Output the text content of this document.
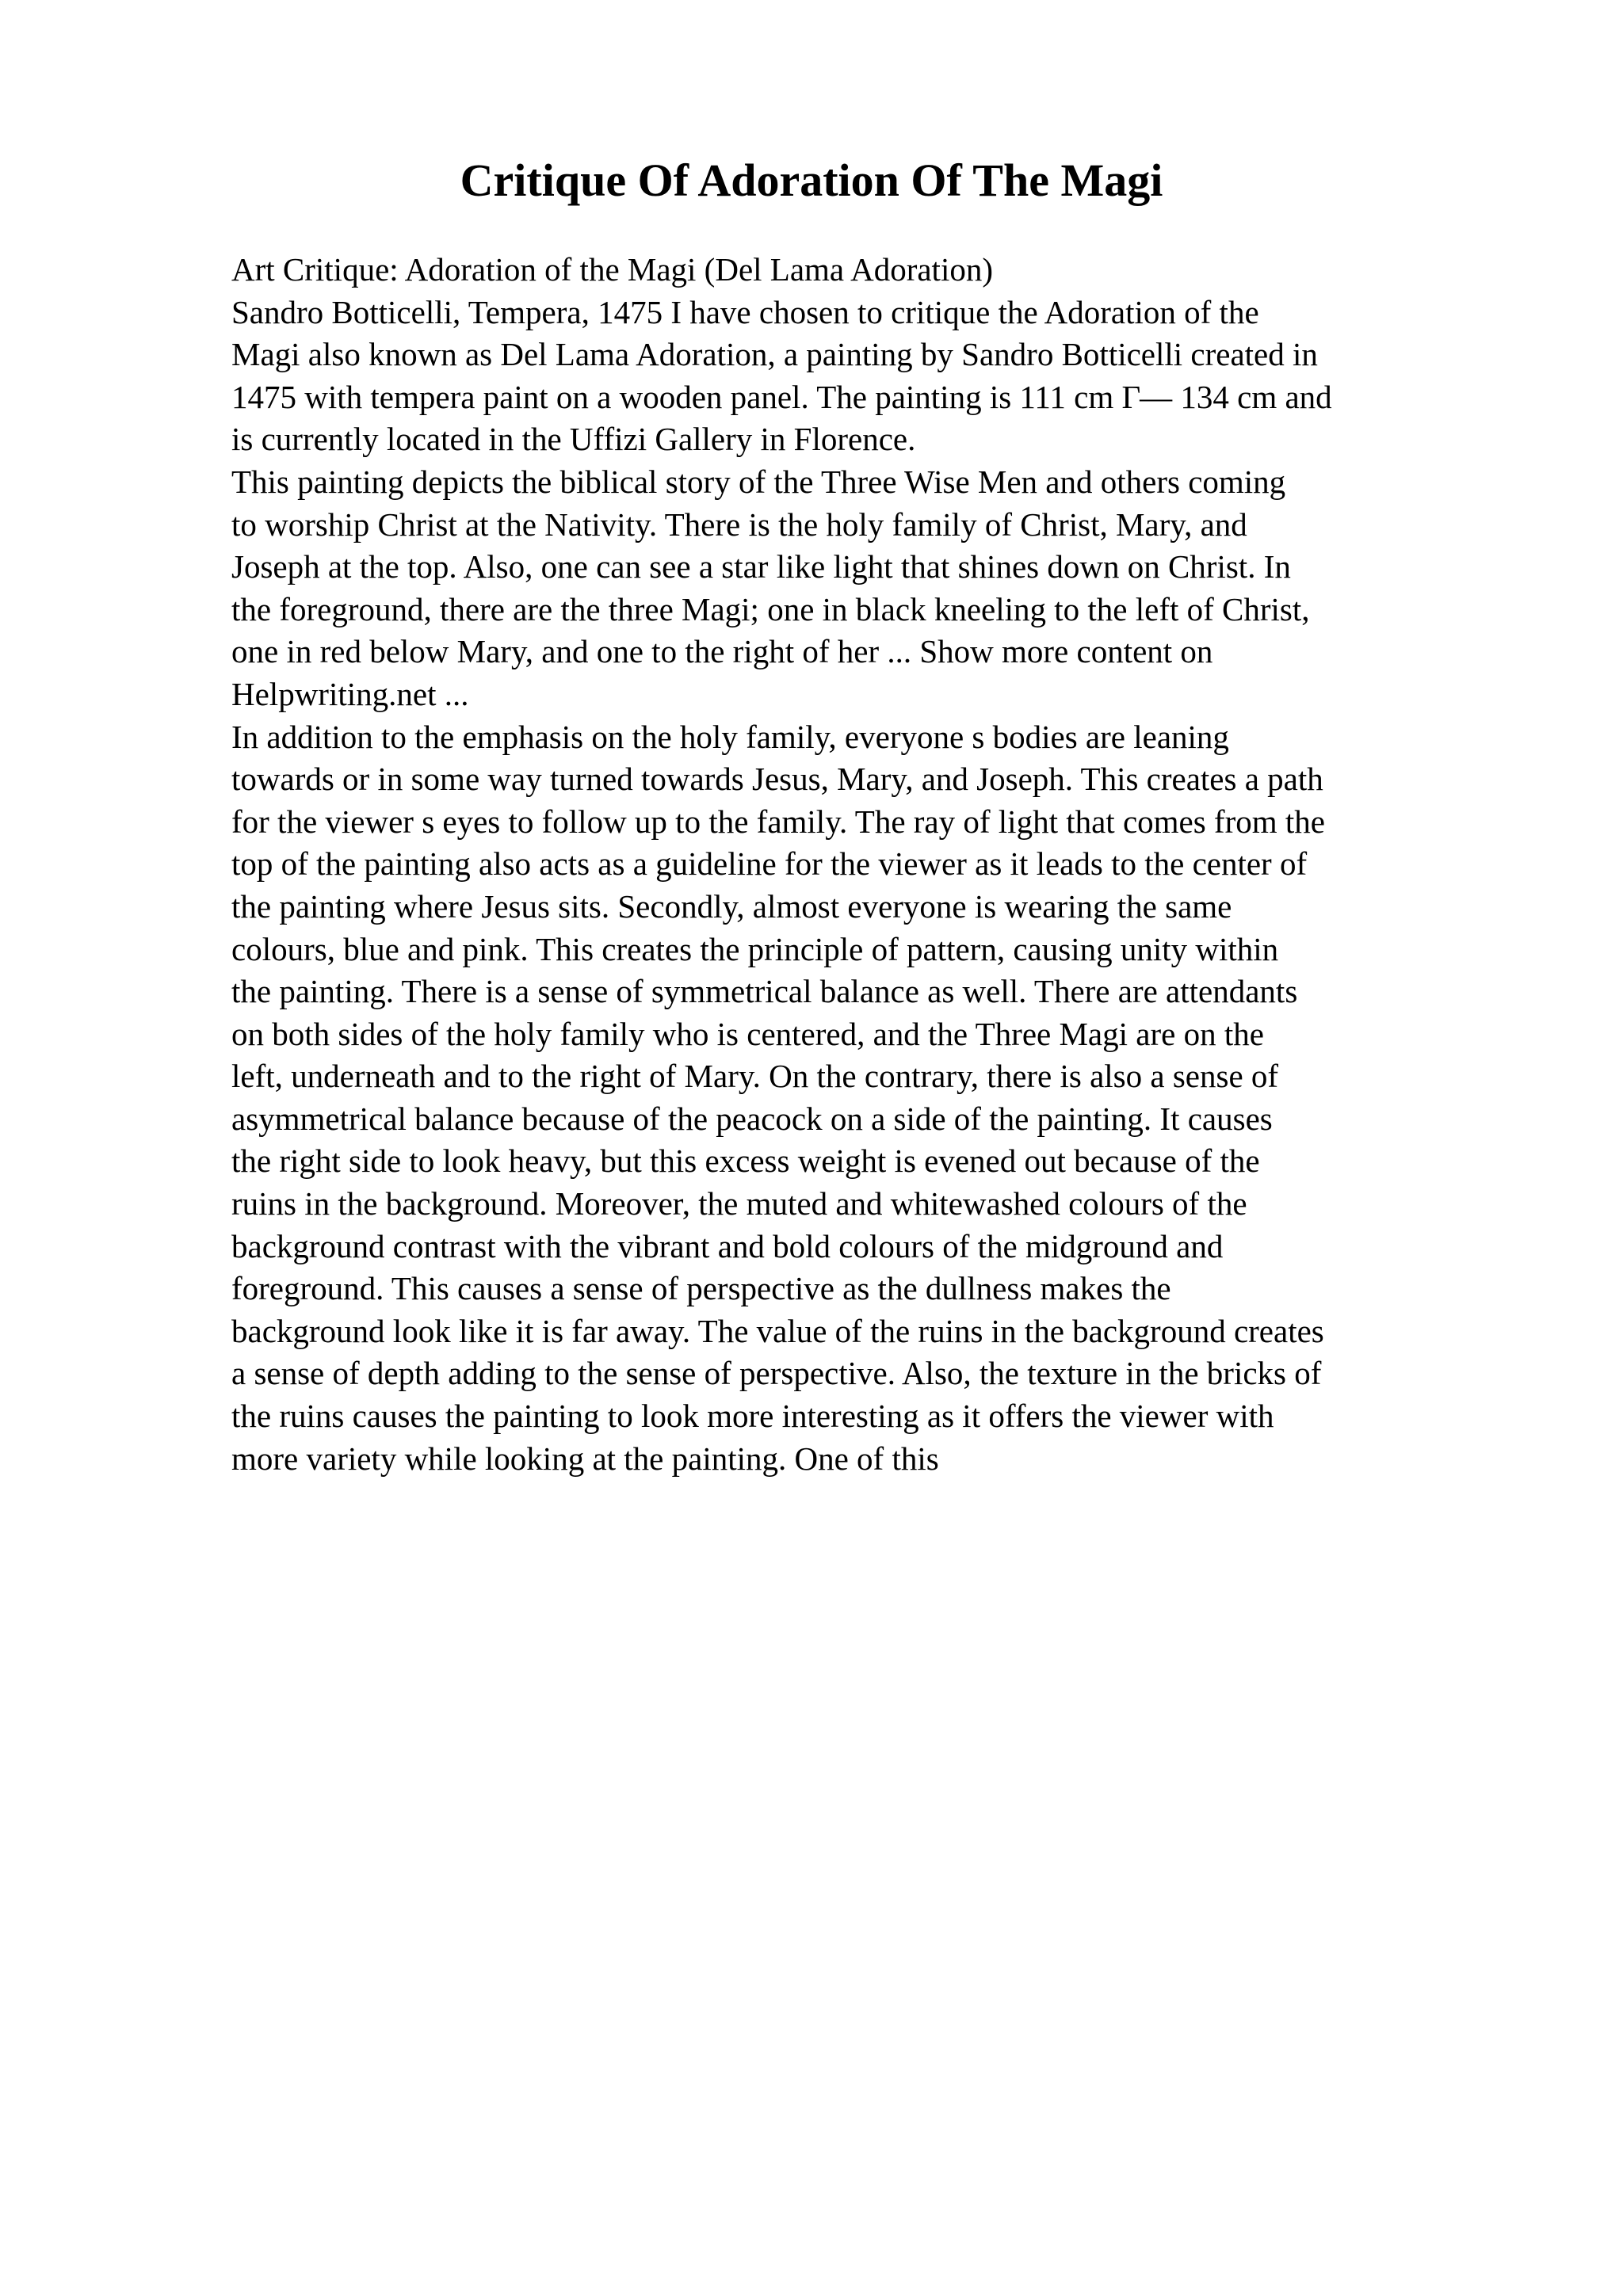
Critique Of Adoration Of The Magi
Art Critique: Adoration of the Magi (Del Lama Adoration)
Sandro Botticelli, Tempera, 1475 I have chosen to critique the Adoration of the
Magi also known as Del Lama Adoration, a painting by Sandro Botticelli created in
1475 with tempera paint on a wooden panel. The painting is 111 cm Г— 134 cm and
is currently located in the Uffizi Gallery in Florence.
This painting depicts the biblical story of the Three Wise Men and others coming
to worship Christ at the Nativity. There is the holy family of Christ, Mary, and
Joseph at the top. Also, one can see a star like light that shines down on Christ. In
the foreground, there are the three Magi; one in black kneeling to the left of Christ,
one in red below Mary, and one to the right of her ... Show more content on
Helpwriting.net ...
In addition to the emphasis on the holy family, everyone s bodies are leaning
towards or in some way turned towards Jesus, Mary, and Joseph. This creates a path
for the viewer s eyes to follow up to the family. The ray of light that comes from the
top of the painting also acts as a guideline for the viewer as it leads to the center of
the painting where Jesus sits. Secondly, almost everyone is wearing the same
colours, blue and pink. This creates the principle of pattern, causing unity within
the painting. There is a sense of symmetrical balance as well. There are attendants
on both sides of the holy family who is centered, and the Three Magi are on the
left, underneath and to the right of Mary. On the contrary, there is also a sense of
asymmetrical balance because of the peacock on a side of the painting. It causes
the right side to look heavy, but this excess weight is evened out because of the
ruins in the background. Moreover, the muted and whitewashed colours of the
background contrast with the vibrant and bold colours of the midground and
foreground. This causes a sense of perspective as the dullness makes the
background look like it is far away. The value of the ruins in the background creates
a sense of depth adding to the sense of perspective. Also, the texture in the bricks of
the ruins causes the painting to look more interesting as it offers the viewer with
more variety while looking at the painting. One of this
